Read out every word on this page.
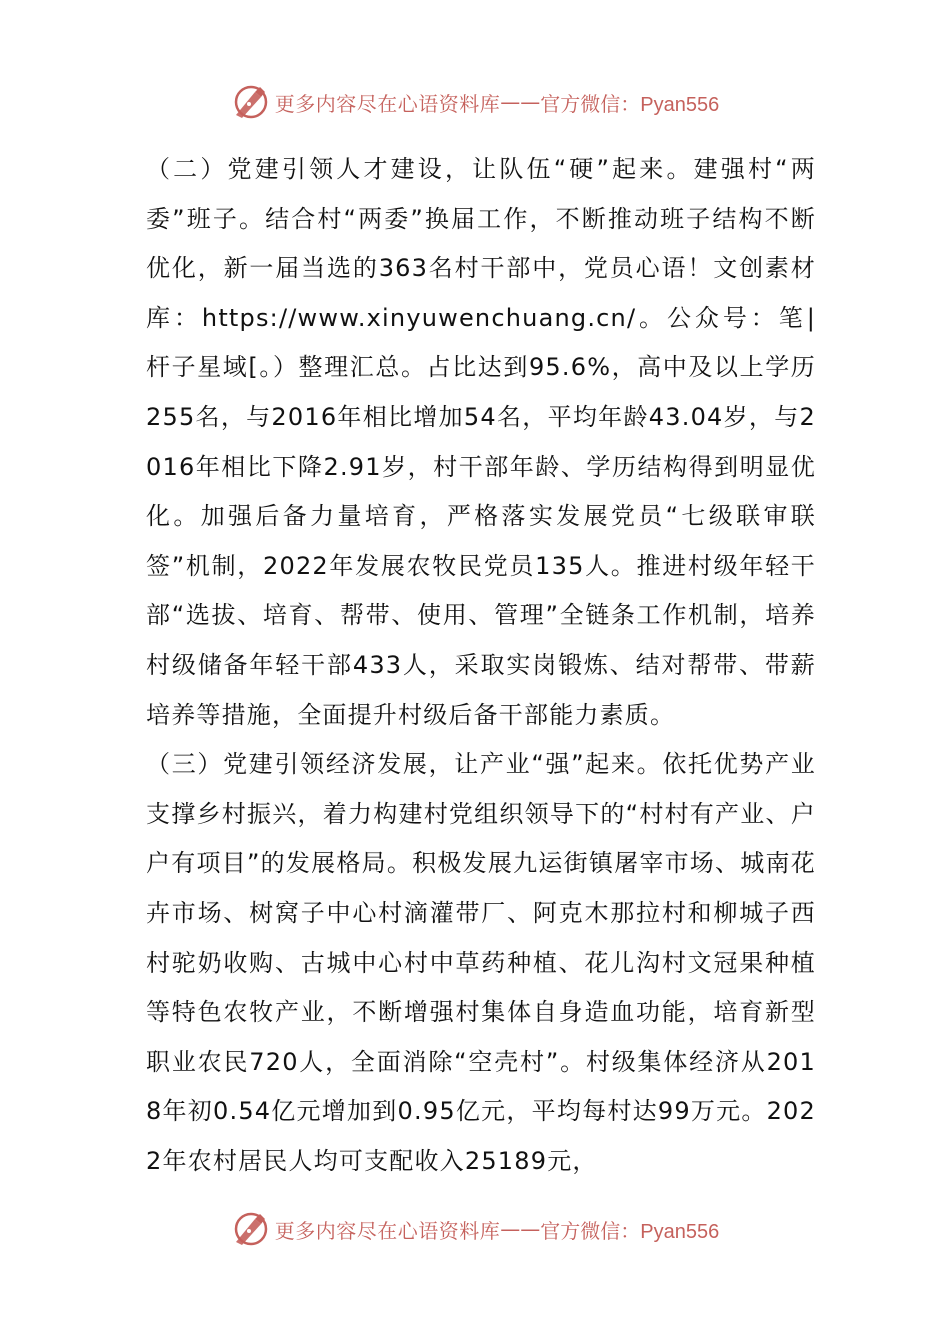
更多内容尽在心语资料库 —— 官方微信：Pyan556

（二）党建引领人才建设，让队伍“硬”起来。建强村“两委”班子。结合村“两委”换届工作，不断推动班子结构不断优化，新一届当选的363名村干部中，党员心语！文创素材库：https://www.xinyuwenchuang.cn/。公众号：笔|杆子星域[。）整理汇总。占比达到95.6%，高中及以上学历255名，与2016年相比增加54名，平均年龄43.04岁，与2016年相比下降2.91岁，村干部年龄、学历结构得到明显优化。加强后备力量培育，严格落实发展党员“七级联审联签”机制，2022年发展农牧民党员135人。推进村级年轻干部“选拔、培育、帮带、使用、管理”全链条工作机制，培养村级储备年轻干部433人，采取实岗锻炼、结对帮带、带薪培养等措施，全面提升村级后备干部能力素质。

（三）党建引领经济发展，让产业“强”起来。依托优势产业支撑乡村振兴，着力构建村党组织领导下的“村村有产业、户户有项目”的发展格局。积极发展九运街镇屠宰市场、城南花卉市场、树窝子中心村滴灌带厂、阿克木那拉村和柳城子西村驼奶收购、古城中心村中草药种植、花儿沟村文冠果种植等特色农牧产业，不断增强村集体自身造血功能，培育新型职业农民720人，全面消除“空壳村”。村级集体经济从2018年初0.54亿元增加到0.95亿元，平均每村达99万元。2022年农村居民人均可支配收入25189元，

更多内容尽在心语资料库 —— 官方微信：Pyan556
